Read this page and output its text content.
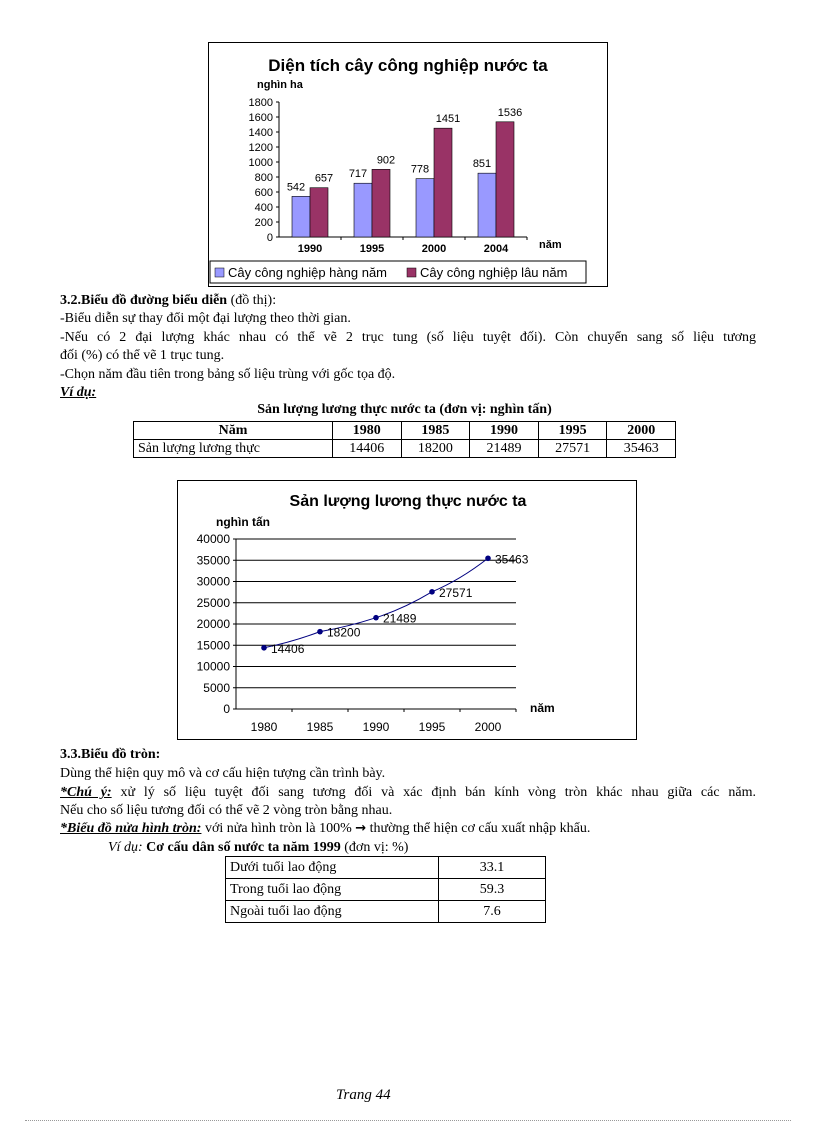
Diện tích cây công nghiệp nước ta
nghìn ha
năm
0
200
400
600
800
1000
1200
1400
1600
1800
1990	1995	2000	2004
542
657 717
902
778
1451
851
1536
Cây công nghiệp hàng năm	Cây công nghiệp lâu năm
3.2.Biểu đồ đường biểu diễn (đồ thị):
-Biểu diễn sự thay đổi một đại lượng theo thời gian.
-Nếu có 2 đại lượng khác nhau có thể vẽ 2 trục tung (số liệu tuyệt đối). Còn chuyển sang số liệu tương
đối (%) có thể vẽ 1 trục tung.
-Chọn năm đầu tiên trong bảng số liệu trùng với gốc tọa độ.
Ví dụ:
Sản lượng lương thực nước ta (đơn vị: nghìn tấn)
Năm	1980	1985	1990	1995	2000
Sản lượng lương thực	14406	18200	21489	27571	35463
Sản lượng lương thực nước ta
nghìn tấn
năm
0
5000
10000
15000
20000
25000
30000
35000
40000
1980 1985 1990 1995 2000
14406
18200
21489
27571
35463
3.3.Biểu đồ tròn:
Dùng thể hiện quy mô và cơ cấu hiện tượng cần trình bày.
*Chú ý: xử lý số liệu tuyệt đối sang tương đối và xác định bán kính vòng tròn khác nhau giữa các năm.
Nếu cho số liệu tương đối có thể vẽ 2 vòng tròn bằng nhau.
*Biểu đồ nửa hình tròn: với nửa hình tròn là 100% → thường thể hiện cơ cấu xuất nhập khẩu.
Ví dụ: Cơ cấu dân số nước ta năm 1999 (đơn vị: %)
Dưới tuổi lao động	33.1
Trong tuổi lao động	59.3
Ngoài tuổi lao động	7.6
Trang 44
